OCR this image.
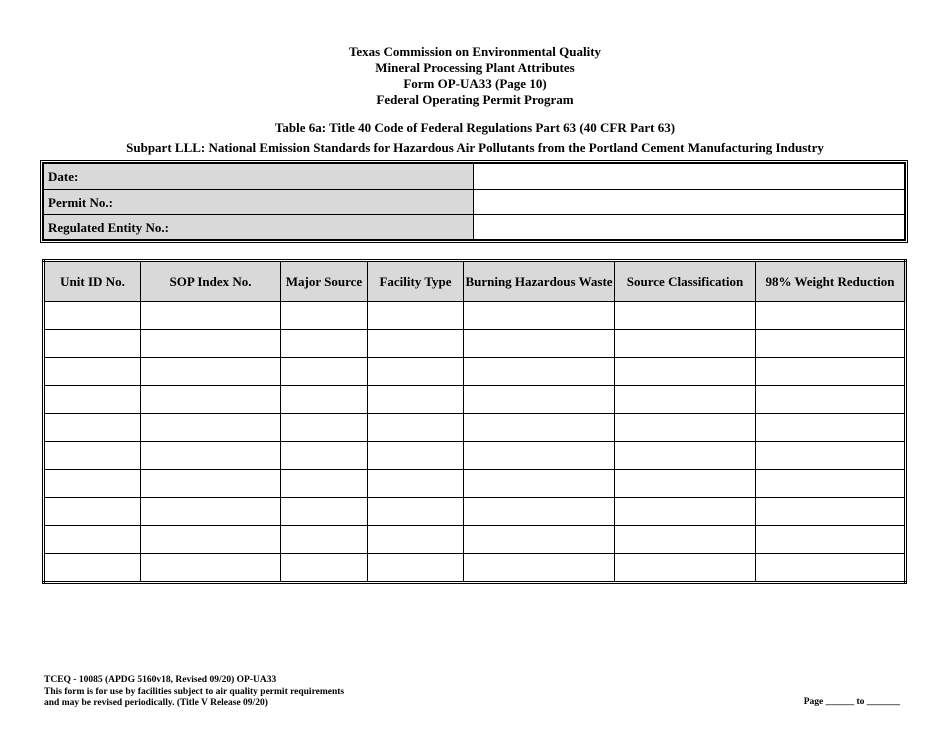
Texas Commission on Environmental Quality
Mineral Processing Plant Attributes
Form OP-UA33 (Page 10)
Federal Operating Permit Program
Table 6a: Title 40 Code of Federal Regulations Part 63 (40 CFR Part 63)
Subpart LLL: National Emission Standards for Hazardous Air Pollutants from the Portland Cement Manufacturing Industry
Date:
Permit No.:
Regulated Entity No.:
Unit ID No.	SOP Index No.	Major Source	Facility Type	Burning Hazardous Waste	Source Classification	98% Weight Reduction

TCEQ - 10085 (APDG 5160v18, Revised 09/20) OP-UA33
This form is for use by facilities subject to air quality permit requirements
and may be revised periodically. (Title V Release 09/20)	Page ______ to _______
